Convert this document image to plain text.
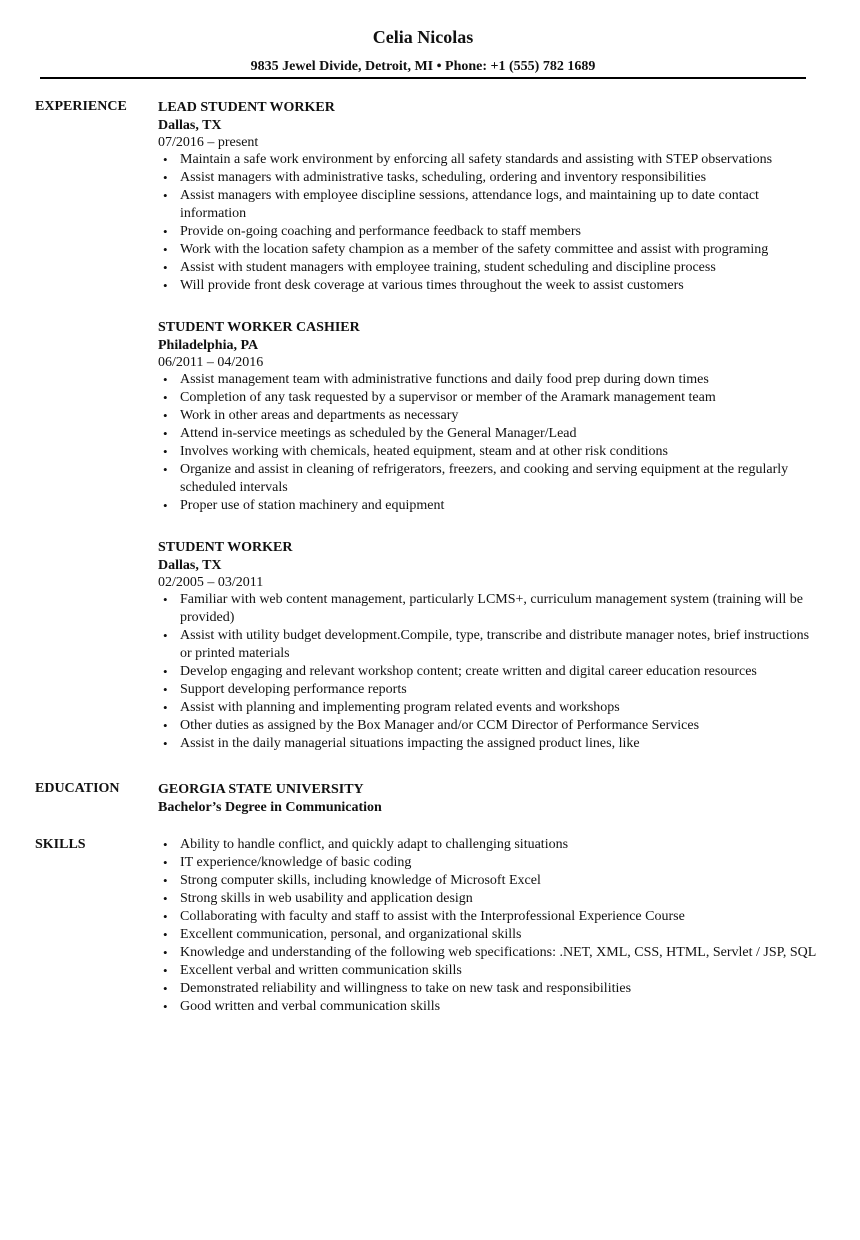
Celia Nicolas
9835 Jewel Divide, Detroit, MI • Phone: +1 (555) 782 1689
EXPERIENCE LEAD STUDENT WORKER
Dallas, TX
07/2016 – present
• Maintain a safe work environment by enforcing all safety standards and assisting with STEP observations
• Assist managers with administrative tasks, scheduling, ordering and inventory responsibilities
• Assist managers with employee discipline sessions, attendance logs, and maintaining up to date contact information
• Provide on-going coaching and performance feedback to staff members
• Work with the location safety champion as a member of the safety committee and assist with programing
• Assist with student managers with employee training, student scheduling and discipline process
• Will provide front desk coverage at various times throughout the week to assist customers
STUDENT WORKER CASHIER
Philadelphia, PA
06/2011 – 04/2016
• Assist management team with administrative functions and daily food prep during down times
• Completion of any task requested by a supervisor or member of the Aramark management team
• Work in other areas and departments as necessary
• Attend in-service meetings as scheduled by the General Manager/Lead
• Involves working with chemicals, heated equipment, steam and at other risk conditions
• Organize and assist in cleaning of refrigerators, freezers, and cooking and serving equipment at the regularly scheduled intervals
• Proper use of station machinery and equipment
STUDENT WORKER
Dallas, TX
02/2005 – 03/2011
• Familiar with web content management, particularly LCMS+, curriculum management system (training will be provided)
• Assist with utility budget development.Compile, type, transcribe and distribute manager notes, brief instructions or printed materials
• Develop engaging and relevant workshop content; create written and digital career education resources
• Support developing performance reports
• Assist with planning and implementing program related events and workshops
• Other duties as assigned by the Box Manager and/or CCM Director of Performance Services
• Assist in the daily managerial situations impacting the assigned product lines, like
EDUCATION	GEORGIA STATE UNIVERSITY
Bachelor’s Degree in Communication
SKILLS
•	Ability to handle conflict, and quickly adapt to challenging situations
• IT experience/knowledge of basic coding
• Strong computer skills, including knowledge of Microsoft Excel
• Strong skills in web usability and application design
• Collaborating with faculty and staff to assist with the Interprofessional Experience Course
• Excellent communication, personal, and organizational skills
• Knowledge and understanding of the following web specifications: .NET, XML, CSS, HTML, Servlet / JSP, SQL
• Excellent verbal and written communication skills
• Demonstrated reliability and willingness to take on new task and responsibilities
• Good written and verbal communication skills
